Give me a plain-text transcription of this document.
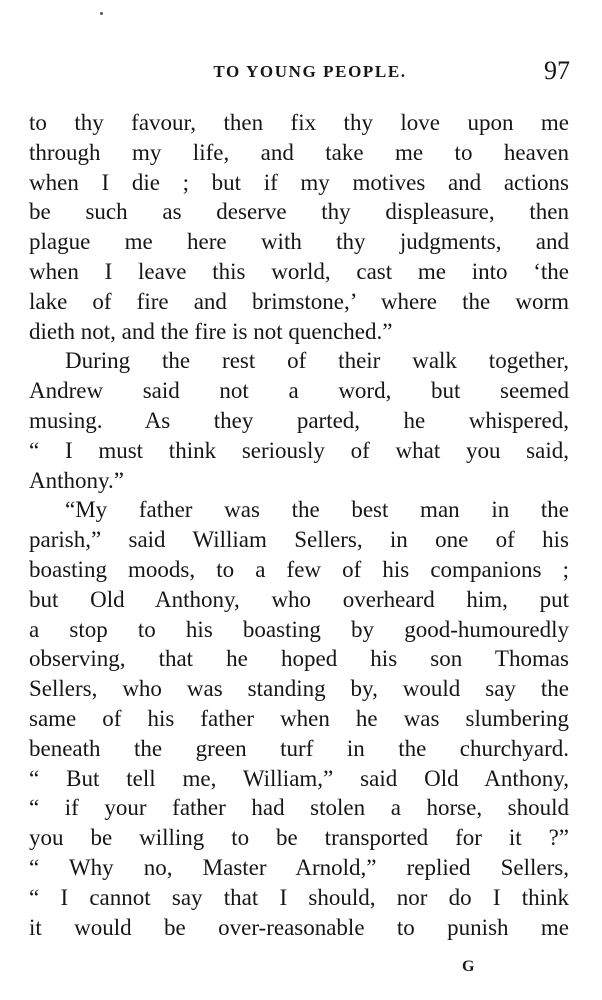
TO YOUNG PEOPLE.	97
to thy favour, then fix thy love upon me
through my life, and take me to heaven
when I die ; but if my motives and actions
be such as deserve thy displeasure, then
plague me here with thy judgments, and
when I leave this world, cast me into ‘the
lake of fire and brimstone,’ where the worm
dieth not, and the fire is not quenched.”
During the rest of their walk together,
Andrew said not a word, but seemed
musing. As they parted, he whispered,
“ I must think seriously of what you said,
Anthony.”
“My father was the best man in the
parish,” said William Sellers, in one of his
boasting moods, to a few of his companions ;
but Old Anthony, who overheard him, put
a stop to his boasting by good-humouredly
observing, that he hoped his son Thomas
Sellers, who was standing by, would say the
same of his father when he was slumbering
beneath the green turf in the churchyard.
“ But tell me, William,” said Old Anthony,
“ if your father had stolen a horse, should
you be willing to be transported for it ?”
“ Why no, Master Arnold,” replied Sellers,
“ I cannot say that I should, nor do I think
it would be over-reasonable to punish me
G
